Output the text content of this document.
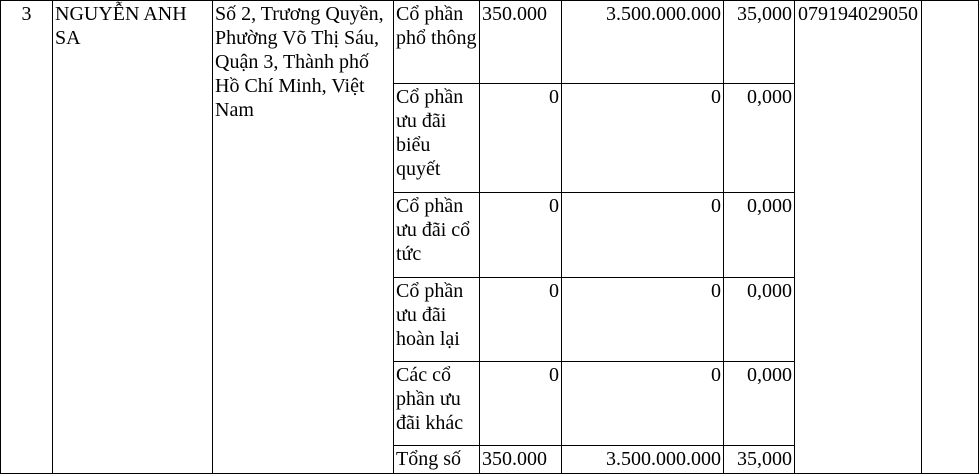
3	NGUYỄN ANH SA	Số 2, Trương Quyền, Phường Võ Thị Sáu, Quận 3, Thành phố Hồ Chí Minh, Việt Nam	Cổ phần phổ thông	350.000	3.500.000.000	35,000	079194029050	
			Cổ phần ưu đãi biểu quyết	0	0	0,000		
			Cổ phần ưu đãi cổ tức	0	0	0,000		
			Cổ phần ưu đãi hoàn lại	0	0	0,000		
			Các cổ phần ưu đãi khác	0	0	0,000		
			Tổng số	350.000	3.500.000.000	35,000		
